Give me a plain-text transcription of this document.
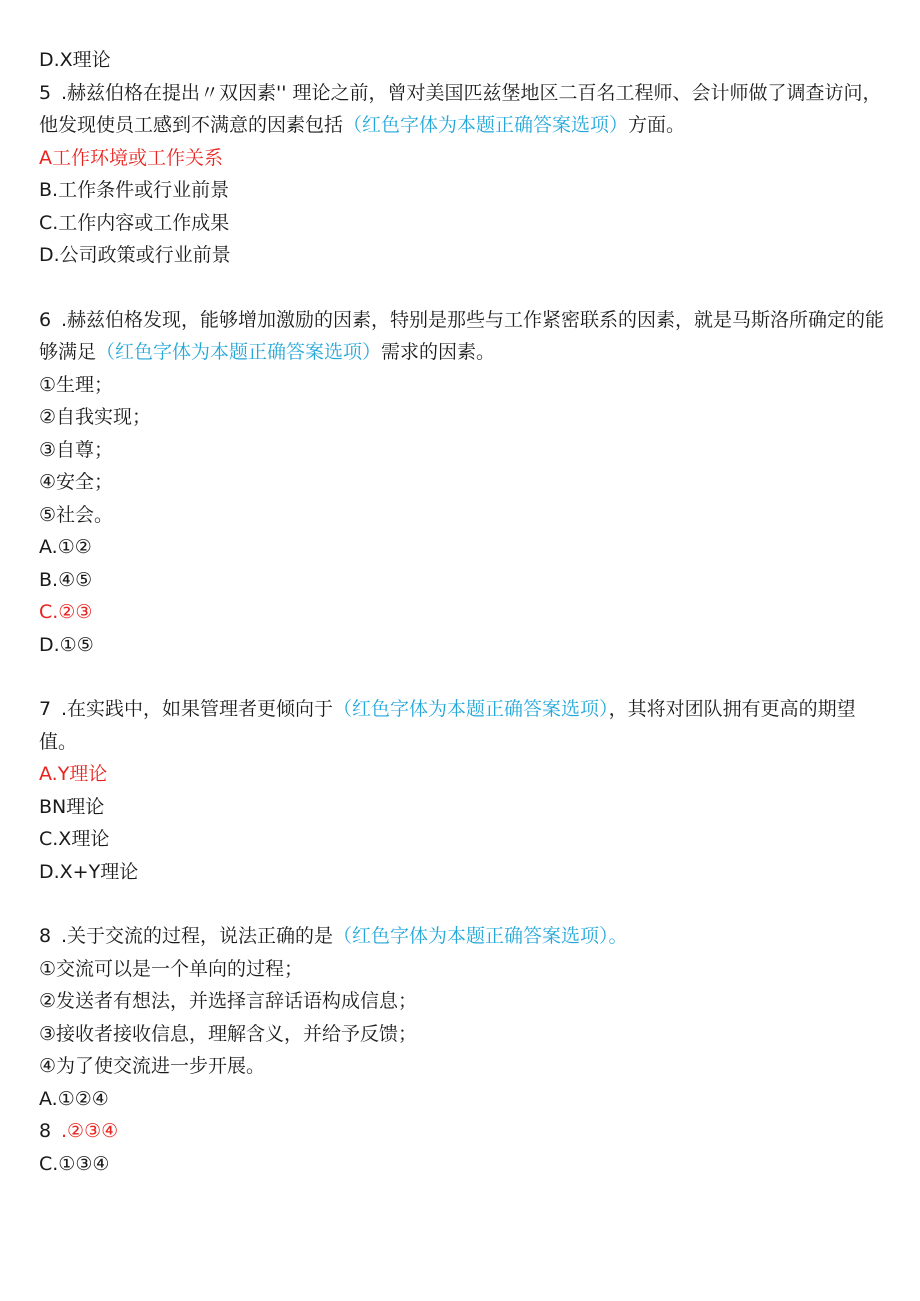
D.X理论
5 .赫兹伯格在提出〃双因素'' 理论之前，曾对美国匹兹堡地区二百名工程师、会计师做了调查访问，
他发现使员工感到不满意的因素包括（红色字体为本题正确答案选项）方面。
A工作环境或工作关系
B.工作条件或行业前景
C.工作内容或工作成果
D.公司政策或行业前景
6 .赫兹伯格发现，能够增加激励的因素，特别是那些与工作紧密联系的因素，就是马斯洛所确定的能
够满足（红色字体为本题正确答案选项）需求的因素。
①生理；
②自我实现；
③自尊；
④安全；
⑤社会。
A.①②
B.④⑤
C.②③
D.①⑤
7 .在实践中，如果管理者更倾向于（红色字体为本题正确答案选项），其将对团队拥有更高的期望
值。
A.Y理论
BN理论
C.X理论
D.X+Y理论
8 .关于交流的过程，说法正确的是（红色字体为本题正确答案选项）。
①交流可以是一个单向的过程；
②发送者有想法，并选择言辞话语构成信息；
③接收者接收信息，理解含义，并给予反馈；
④为了使交流进一步开展。
A.①②④
8 .②③④
C.①③④
